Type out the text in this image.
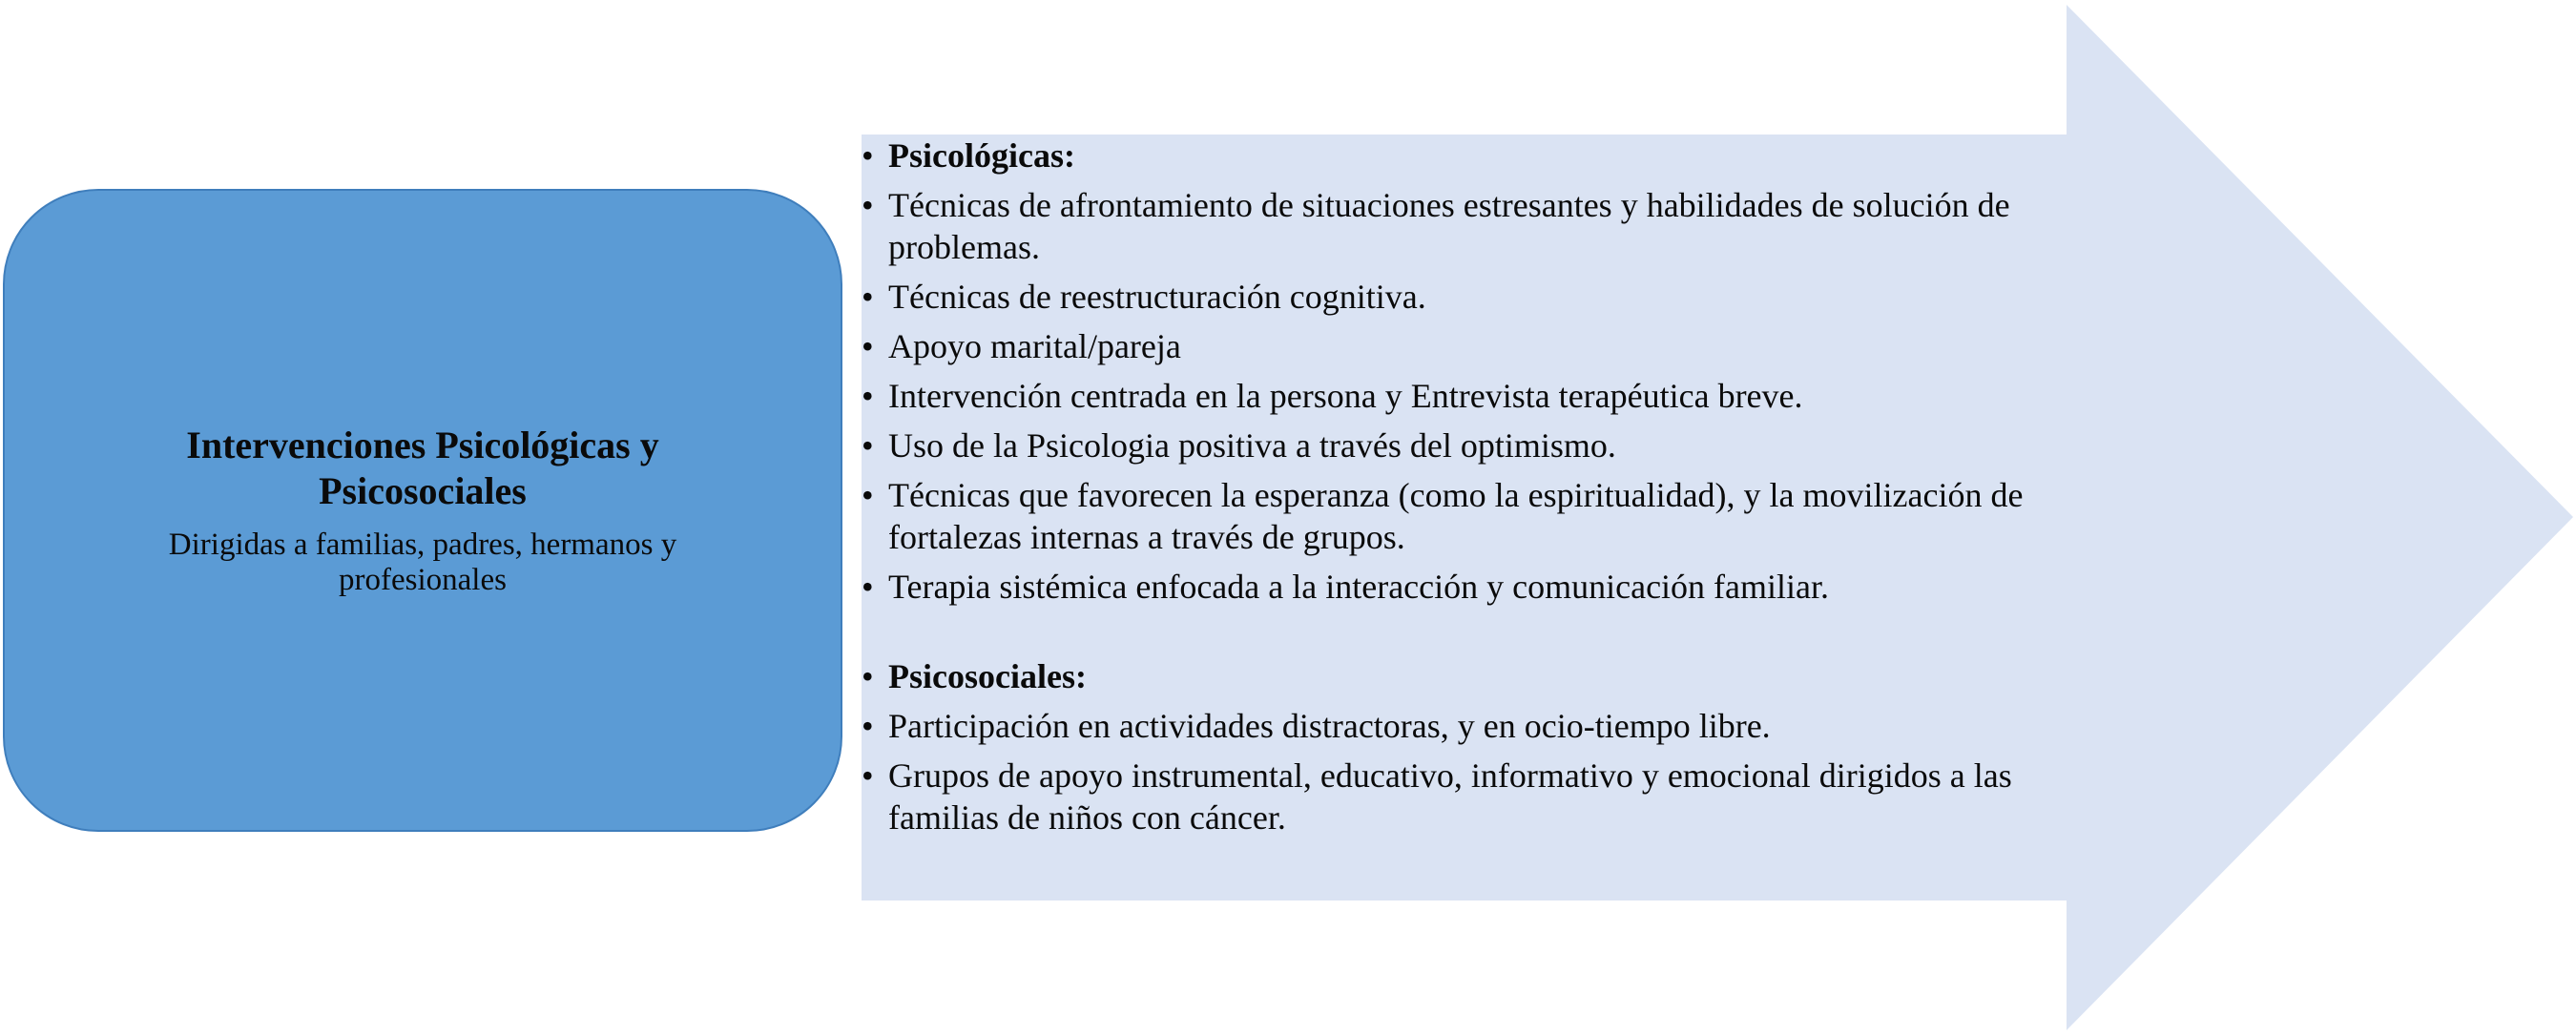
Intervenciones Psicológicas y Psicosociales
Dirigidas a familias, padres, hermanos y profesionales
• Psicológicas:
• Técnicas de afrontamiento de situaciones estresantes y habilidades de solución de problemas.
• Técnicas de reestructuración cognitiva.
• Apoyo marital/pareja
• Intervención centrada en la persona y Entrevista terapéutica breve.
• Uso de la Psicologia positiva a través del optimismo.
• Técnicas que favorecen la esperanza (como la espiritualidad), y la movilización de fortalezas internas a través de grupos.
• Terapia sistémica enfocada a la interacción y comunicación familiar.
• Psicosociales:
• Participación en actividades distractoras, y en ocio-tiempo libre.
• Grupos de apoyo instrumental, educativo, informativo y emocional dirigidos a las familias de niños con cáncer.
